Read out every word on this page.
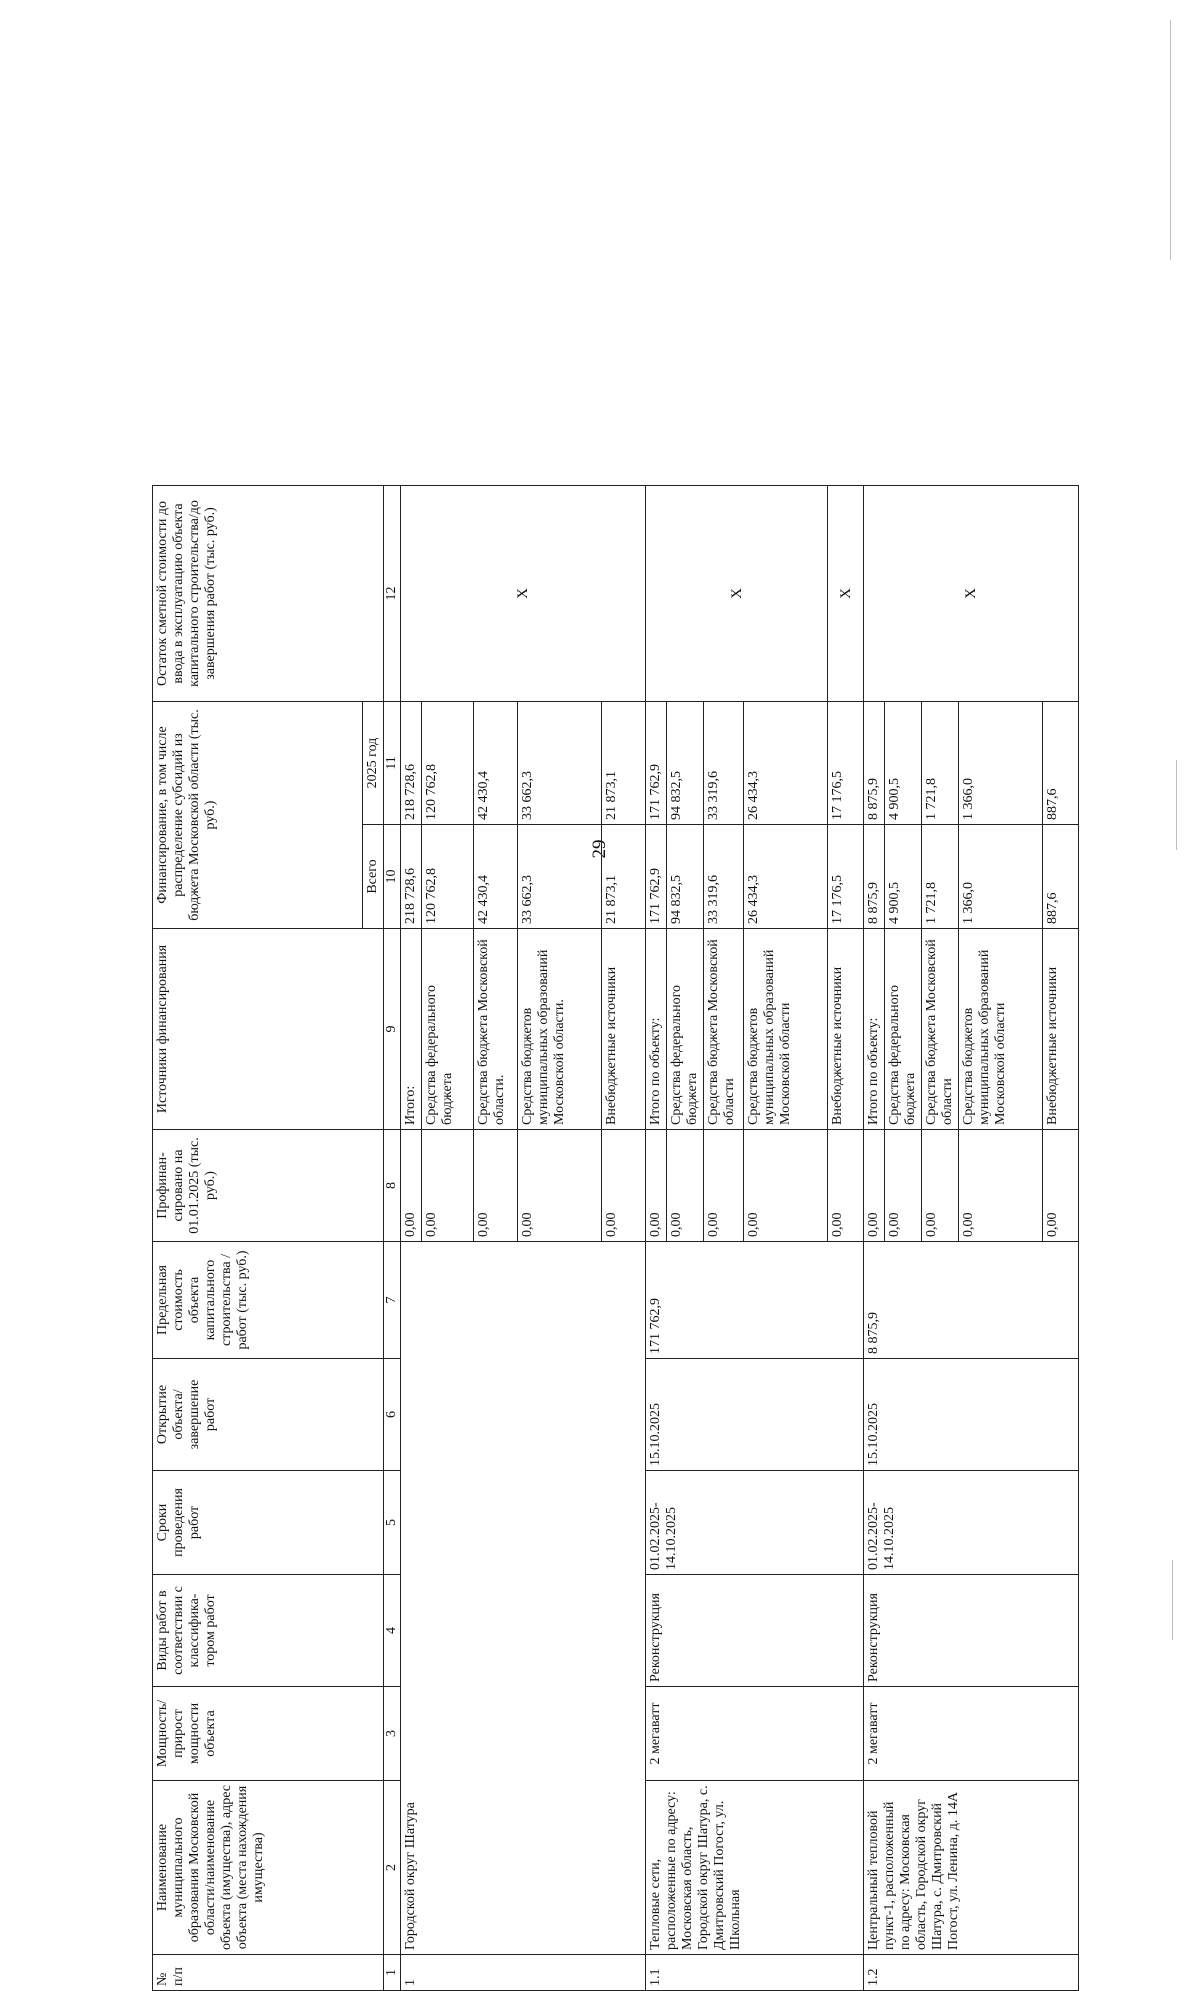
29
№ п/п	Наименование муниципального образования Московской области/наименование объекта (имущества), адрес объекта (места нахождения имущества)	Мощность/ прирост мощности объекта	Виды работ в соответствии с классифика-тором работ	Сроки проведения работ	Открытие объекта/ завершение работ	Предельная стоимость объекта капитального строительства /работ (тыс. руб.)	Профинан-сировано на 01.01.2025 (тыс. руб.)	Источники финансирования	Финансирование, в том числе распределение субсидий из бюджета Московской области (тыс. руб.)		Остаток сметной стоимости до ввода в эксплуатацию объекта капитального строительства/до завершения работ (тыс. руб.)
									Всего	2025 год	
1	2	3	4	5	6	7	8	9	10	11	12
1	Городской округ Шатура						0,00	Итого:	218 728,6	218 728,6	Х
							0,00	Средства федерального бюджета	120 762,8	120 762,8	
							0,00	Средства бюджета Московской области.	42 430,4	42 430,4	
							0,00	Средства бюджетов муниципальных образований Московской области.	33 662,3	33 662,3	
							0,00	Внебюджетные источники	21 873,1	21 873,1	
1.1	Тепловые сети, расположенные по адресу: Московская область, Городской округ Шатура, с. Дмитровский Погост, ул. Школьная	2 мегаватт	Реконструкция	01.02.2025-14.10.2025	15.10.2025	171 762,9	0,00	Итого по объекту:	171 762,9	171 762,9	Х
							0,00	Средства федерального бюджета	94 832,5	94 832,5	
							0,00	Средства бюджета Московской области	33 319,6	33 319,6	
							0,00	Средства бюджетов муниципальных образований Московской области	26 434,3	26 434,3	
							0,00	Внебюджетные источники	17 176,5	17 176,5	Х
1.2	Центральный тепловой пункт-1, расположенный по адресу: Московская область, Городской округ Шатура, с. Дмитровский Погост, ул. Ленина, д. 14А	2 мегаватт	Реконструкция	01.02.2025-14.10.2025	15.10.2025	8 875,9	0,00	Итого по объекту:	8 875,9	8 875,9	Х
							0,00	Средства федерального бюджета	4 900,5	4 900,5	
							0,00	Средства бюджета Московской области	1 721,8	1 721,8	
							0,00	Средства бюджетов муниципальных образований Московской области	1 366,0	1 366,0	
							0,00	Внебюджетные источники	887,6	887,6	
